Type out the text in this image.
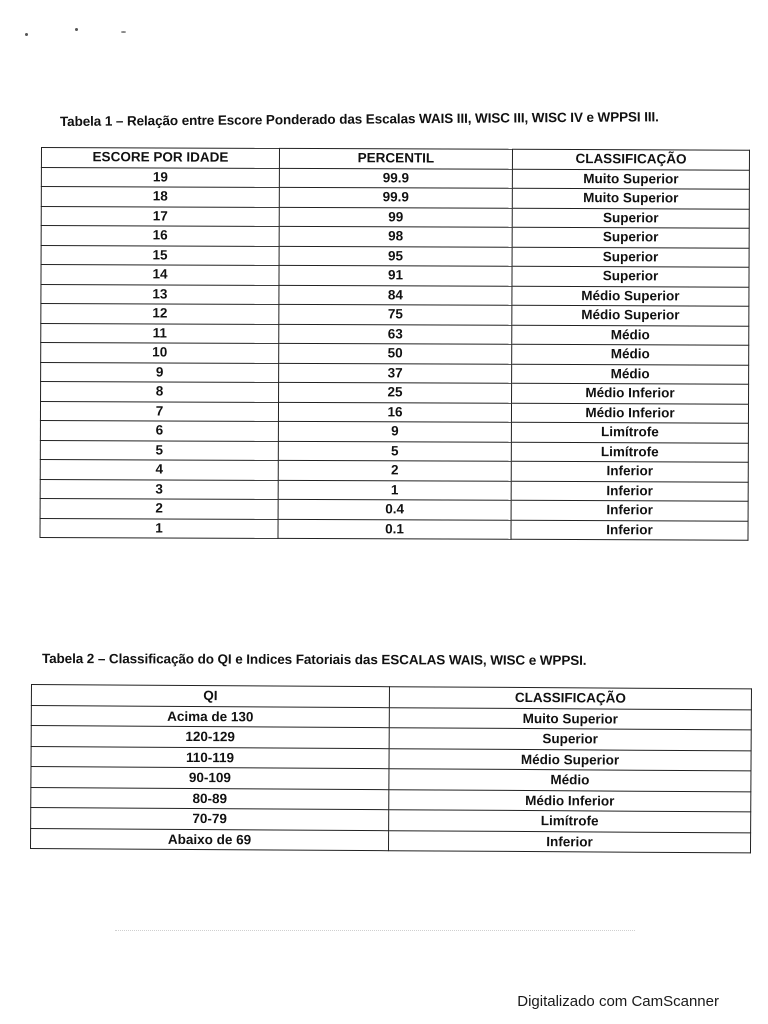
Tabela 1 – Relação entre Escore Ponderado das Escalas WAIS III, WISC III, WISC IV e WPPSI III.
ESCORE POR IDADE	PERCENTIL	CLASSIFICAÇÃO
19	99.9	Muito Superior
18	99.9	Muito Superior
17	99	Superior
16	98	Superior
15	95	Superior
14	91	Superior
13	84	Médio Superior
12	75	Médio Superior
11	63	Médio
10	50	Médio
9	37	Médio
8	25	Médio Inferior
7	16	Médio Inferior
6	9	Limítrofe
5	5	Limítrofe
4	2	Inferior
3	1	Inferior
2	0.4	Inferior
1	0.1	Inferior
Tabela 2 – Classificação do QI e Indices Fatoriais das ESCALAS WAIS, WISC e WPPSI.
QI	CLASSIFICAÇÃO
Acima de 130	Muito Superior
120-129	Superior
110-119	Médio Superior
90-109	Médio
80-89	Médio Inferior
70-79	Limítrofe
Abaixo de 69	Inferior
Digitalizado com CamScanner
